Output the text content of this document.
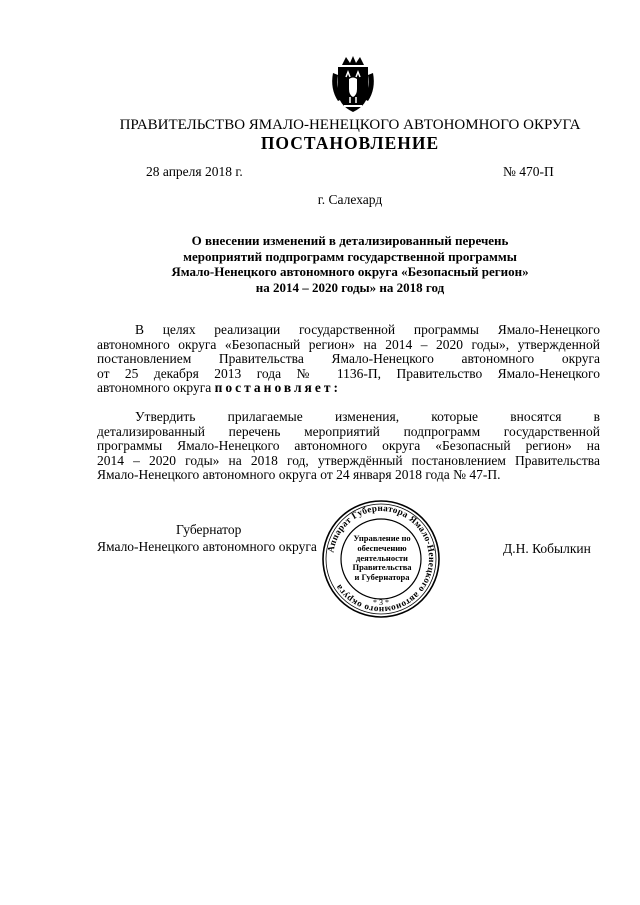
ПРАВИТЕЛЬСТВО ЯМАЛО-НЕНЕЦКОГО АВТОНОМНОГО ОКРУГА
ПОСТАНОВЛЕНИЕ
28 апреля 2018 г.	№ 470-П
г. Салехард
О внесении изменений в детализированный перечень
мероприятий подпрограмм государственной программы
Ямало-Ненецкого автономного округа «Безопасный регион»
на 2014 – 2020 годы» на 2018 год
В целях реализации государственной программы Ямало-Ненецкого
автономного округа «Безопасный регион» на 2014 – 2020 годы», утвержденной
постановлением Правительства Ямало-Ненецкого автономного округа
от 25 декабря 2013 года № 1136-П, Правительство Ямало-Ненецкого
автономного округа постановляет:
Утвердить прилагаемые изменения, которые вносятся в
детализированный перечень мероприятий подпрограмм государственной
программы Ямало-Ненецкого автономного округа «Безопасный регион» на
2014 – 2020 годы» на 2018 год, утверждённый постановлением Правительства
Ямало-Ненецкого автономного округа от 24 января 2018 года № 47-П.
Губернатор
Ямало-Ненецкого автономного округа	Д.Н. Кобылкин
Аппарат Губернатора Ямало-Ненецкого автономного округа
* 3 *
Управление по
обеспечению
деятельности
Правительства
и Губернатора
